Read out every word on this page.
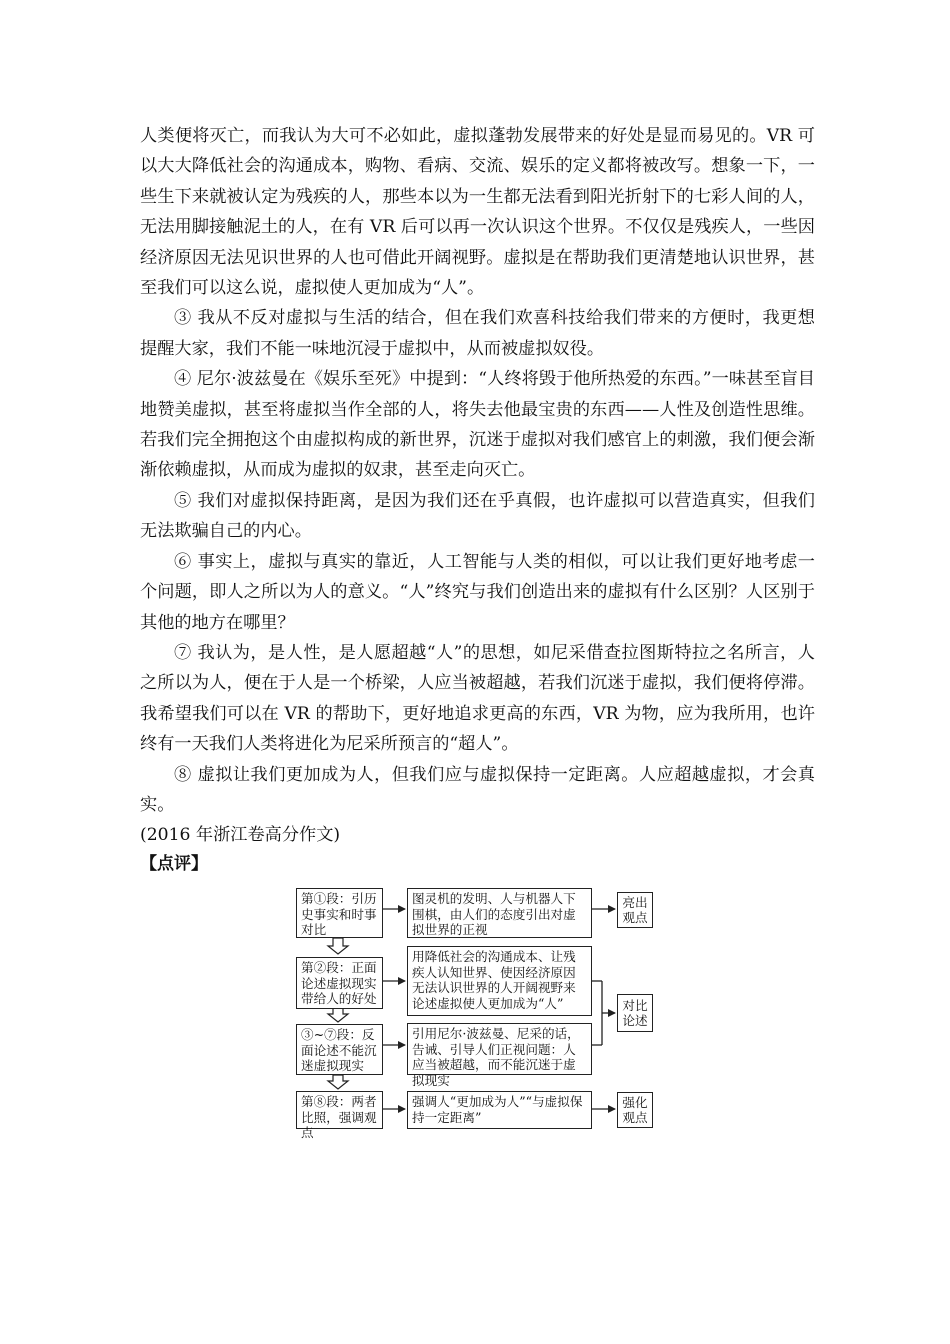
人类便将灭亡，而我认为大可不必如此，虚拟蓬勃发展带来的好处是显而易见的。VR 可以大大降低社会的沟通成本，购物、看病、交流、娱乐的定义都将被改写。想象一下，一些生下来就被认定为残疾的人，那些本以为一生都无法看到阳光折射下的七彩人间的人，无法用脚接触泥土的人，在有 VR 后可以再一次认识这个世界。不仅仅是残疾人，一些因经济原因无法见识世界的人也可借此开阔视野。虚拟是在帮助我们更清楚地认识世界，甚至我们可以这么说，虚拟使人更加成为“人”。

③ 我从不反对虚拟与生活的结合，但在我们欢喜科技给我们带来的方便时，我更想提醒大家，我们不能一味地沉浸于虚拟中，从而被虚拟奴役。

④ 尼尔·波兹曼在《娱乐至死》中提到：“人终将毁于他所热爱的东西。”一味甚至盲目地赞美虚拟，甚至将虚拟当作全部的人，将失去他最宝贵的东西——人性及创造性思维。若我们完全拥抱这个由虚拟构成的新世界，沉迷于虚拟对我们感官上的刺激，我们便会渐渐依赖虚拟，从而成为虚拟的奴隶，甚至走向灭亡。

⑤ 我们对虚拟保持距离，是因为我们还在乎真假，也许虚拟可以营造真实，但我们无法欺骗自己的内心。

⑥ 事实上，虚拟与真实的靠近，人工智能与人类的相似，可以让我们更好地考虑一个问题，即人之所以为人的意义。“人”终究与我们创造出来的虚拟有什么区别？人区别于其他的地方在哪里？

⑦ 我认为，是人性，是人愿超越“人”的思想，如尼采借查拉图斯特拉之名所言，人之所以为人，便在于人是一个桥梁，人应当被超越，若我们沉迷于虚拟，我们便将停滞。我希望我们可以在 VR 的帮助下，更好地追求更高的东西，VR 为物，应为我所用，也许终有一天我们人类将进化为尼采所预言的“超人”。

⑧ 虚拟让我们更加成为人，但我们应与虚拟保持一定距离。人应超越虚拟，才会真实。

(2016 年浙江卷高分作文)

【点评】
第①段：引历史事实和时事对比
第②段：正面论述虚拟现实带给人的好处
③~⑦段：反面论述不能沉迷虚拟现实
第⑧段：两者比照，强调观点
图灵机的发明、人与机器人下围棋，由人们的态度引出对虚拟世界的正视
用降低社会的沟通成本、让残疾人认知世界、使因经济原因无法认识世界的人开阔视野来论述虚拟使人更加成为“人”
引用尼尔·波兹曼、尼采的话，告诫、引导人们正视问题：人应当被超越，而不能沉迷于虚拟现实
强调人“更加成为人”“与虚拟保持一定距离”
亮出观点
对比论述
强化观点
